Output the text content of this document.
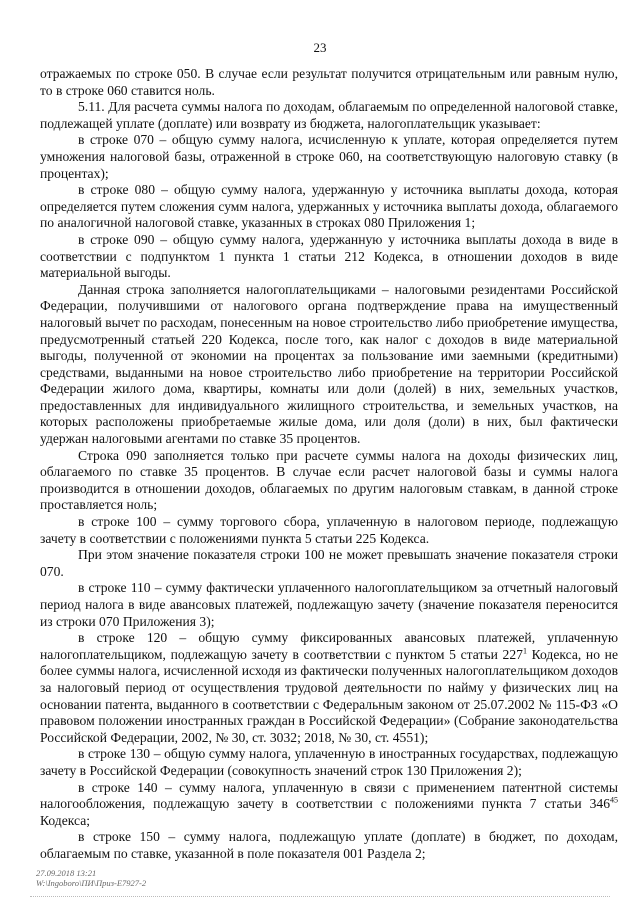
23

отражаемых по строке 050. В случае если результат получится отрицательным или равным нулю, то в строке 060 ставится ноль.

5.11. Для расчета суммы налога по доходам, облагаемым по определенной налоговой ставке, подлежащей уплате (доплате) или возврату из бюджета, налогоплательщик указывает:

в строке 070 – общую сумму налога, исчисленную к уплате, которая определяется путем умножения налоговой базы, отраженной в строке 060, на соответствующую налоговую ставку (в процентах);

в строке 080 – общую сумму налога, удержанную у источника выплаты дохода, которая определяется путем сложения сумм налога, удержанных у источника выплаты дохода, облагаемого по аналогичной налоговой ставке, указанных в строках 080 Приложения 1;

в строке 090 – общую сумму налога, удержанную у источника выплаты дохода в виде в соответствии с подпунктом 1 пункта 1 статьи 212 Кодекса, в отношении доходов в виде материальной выгоды.

Данная строка заполняется налогоплательщиками – налоговыми резидентами Российской Федерации, получившими от налогового органа подтверждение права на имущественный налоговый вычет по расходам, понесенным на новое строительство либо приобретение имущества, предусмотренный статьей 220 Кодекса, после того, как налог с доходов в виде материальной выгоды, полученной от экономии на процентах за пользование ими заемными (кредитными) средствами, выданными на новое строительство либо приобретение на территории Российской Федерации жилого дома, квартиры, комнаты или доли (долей) в них, земельных участков, предоставленных для индивидуального жилищного строительства, и земельных участков, на которых расположены приобретаемые жилые дома, или доля (доли) в них, был фактически удержан налоговыми агентами по ставке 35 процентов.

Строка 090 заполняется только при расчете суммы налога на доходы физических лиц, облагаемого по ставке 35 процентов. В случае если расчет налоговой базы и суммы налога производится в отношении доходов, облагаемых по другим налоговым ставкам, в данной строке проставляется ноль;

в строке 100 – сумму торгового сбора, уплаченную в налоговом периоде, подлежащую зачету в соответствии с положениями пункта 5 статьи 225 Кодекса.

При этом значение показателя строки 100 не может превышать значение показателя строки 070.

в строке 110 – сумму фактически уплаченного налогоплательщиком за отчетный налоговый период налога в виде авансовых платежей, подлежащую зачету (значение показателя переносится из строки 070 Приложения 3);

в строке 120 – общую сумму фиксированных авансовых платежей, уплаченную налогоплательщиком, подлежащую зачету в соответствии с пунктом 5 статьи $227^1$ Кодекса, но не более суммы налога, исчисленной исходя из фактически полученных налогоплательщиком доходов за налоговый период от осуществления трудовой деятельности по найму у физических лиц на основании патента, выданного в соответствии с Федеральным законом от 25.07.2002 № 115-ФЗ «О правовом положении иностранных граждан в Российской Федерации» (Собрание законодательства Российской Федерации, 2002, № 30, ст. 3032; 2018, № 30, ст. 4551);

в строке 130 – общую сумму налога, уплаченную в иностранных государствах, подлежащую зачету в Российской Федерации (совокупность значений строк 130 Приложения 2);

в строке 140 – сумму налога, уплаченную в связи с применением патентной системы налогообложения, подлежащую зачету в соответствии с положениями пункта 7 статьи $346^{45}$ Кодекса;

в строке 150 – сумму налога, подлежащую уплате (доплате) в бюджет, по доходам, облагаемым по ставке, указанной в поле показателя 001 Раздела 2;

27.09.2018 13:21
W:\Ingoboro\ПИ\Приз-Е7927-2
